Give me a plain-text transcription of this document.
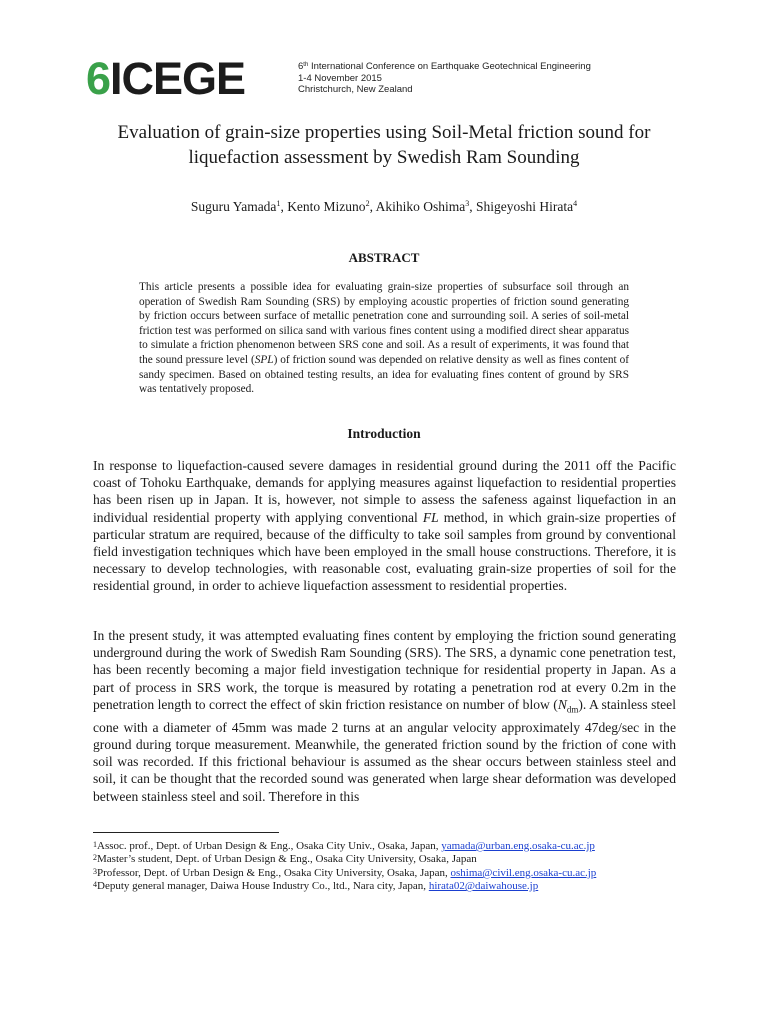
6ICEGE	6th International Conference on Earthquake Geotechnical Engineering
1-4 November 2015
Christchurch, New Zealand
Evaluation of grain-size properties using Soil-Metal friction sound for liquefaction assessment by Swedish Ram Sounding
Suguru Yamada$^1$, Kento Mizuno$^2$, Akihiko Oshima$^3$, Shigeyoshi Hirata$^4$
ABSTRACT

This article presents a possible idea for evaluating grain-size properties of subsurface soil through an operation of Swedish Ram Sounding (SRS) by employing acoustic properties of friction sound generating by friction occurs between surface of metallic penetration cone and surrounding soil. A series of soil-metal friction test was performed on silica sand with various fines content using a modified direct shear apparatus to simulate a friction phenomenon between SRS cone and soil. As a result of experiments, it was found that the sound pressure level (SPL) of friction sound was depended on relative density as well as fines content of sandy specimen. Based on obtained testing results, an idea for evaluating fines content of ground by SRS was tentatively proposed.

Introduction

In response to liquefaction-caused severe damages in residential ground during the 2011 off the Pacific coast of Tohoku Earthquake, demands for applying measures against liquefaction to residential properties has been risen up in Japan. It is, however, not simple to assess the safeness against liquefaction in an individual residential property with applying conventional FL method, in which grain-size properties of particular stratum are required, because of the difficulty to take soil samples from ground by conventional field investigation techniques which have been employed in the small house constructions. Therefore, it is necessary to develop technologies, with reasonable cost, evaluating grain-size properties of soil for the residential ground, in order to achieve liquefaction assessment to residential properties.

In the present study, it was attempted evaluating fines content by employing the friction sound generating underground during the work of Swedish Ram Sounding (SRS). The SRS, a dynamic cone penetration test, has been recently becoming a major field investigation technique for residential property in Japan. As a part of process in SRS work, the torque is measured by rotating a penetration rod at every 0.2m in the penetration length to correct the effect of skin friction resistance on number of blow $(N_{dm})$. A stainless steel cone with a diameter of 45mm was made 2 turns at an angular velocity approximately 47deg/sec in the ground during torque measurement. Meanwhile, the generated friction sound by the friction of cone with soil was recorded. If this frictional behaviour is assumed as the shear occurs between stainless steel and soil, it can be thought that the recorded sound was generated when large shear deformation was developed between stainless steel and soil. Therefore in this

$^1$Assoc. prof., Dept. of Urban Design & Eng., Osaka City Univ., Osaka, Japan, yamada@urban.eng.osaka-cu.ac.jp

$^2$Master’s student, Dept. of Urban Design & Eng., Osaka City University, Osaka, Japan

$^3$Professor, Dept. of Urban Design & Eng., Osaka City University, Osaka, Japan, oshima@civil.eng.osaka-cu.ac.jp

$^4$Deputy general manager, Daiwa House Industry Co., ltd., Nara city, Japan, hirata02@daiwahouse.jp
